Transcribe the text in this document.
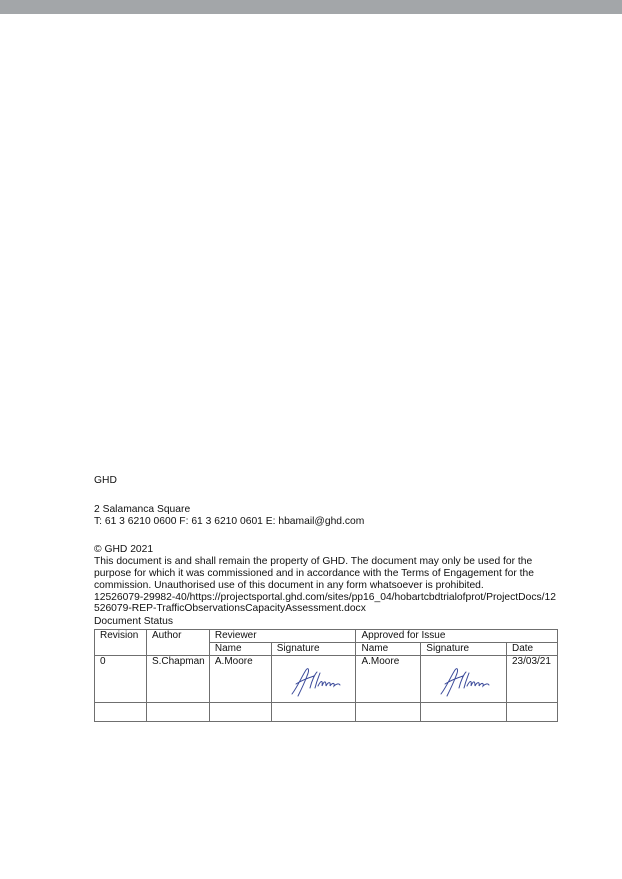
GHD
2 Salamanca Square
T: 61 3 6210 0600 F: 61 3 6210 0601 E: hbamail@ghd.com
© GHD 2021

This document is and shall remain the property of GHD. The document may only be used for the purpose for which it was commissioned and in accordance with the Terms of Engagement for the commission. Unauthorised use of this document in any form whatsoever is prohibited.

12526079-29982-40/https://projectsportal.ghd.com/sites/pp16_04/hobartcbdtrialofprot/ProjectDocs/12526079-REP-TrafficObservationsCapacityAssessment.docx

Document Status
Revision	Author	Reviewer		Approved for Issue		
		Name	Signature	Name	Signature	Date
0	S.Chapman	A.Moore		A.Moore		23/03/21
